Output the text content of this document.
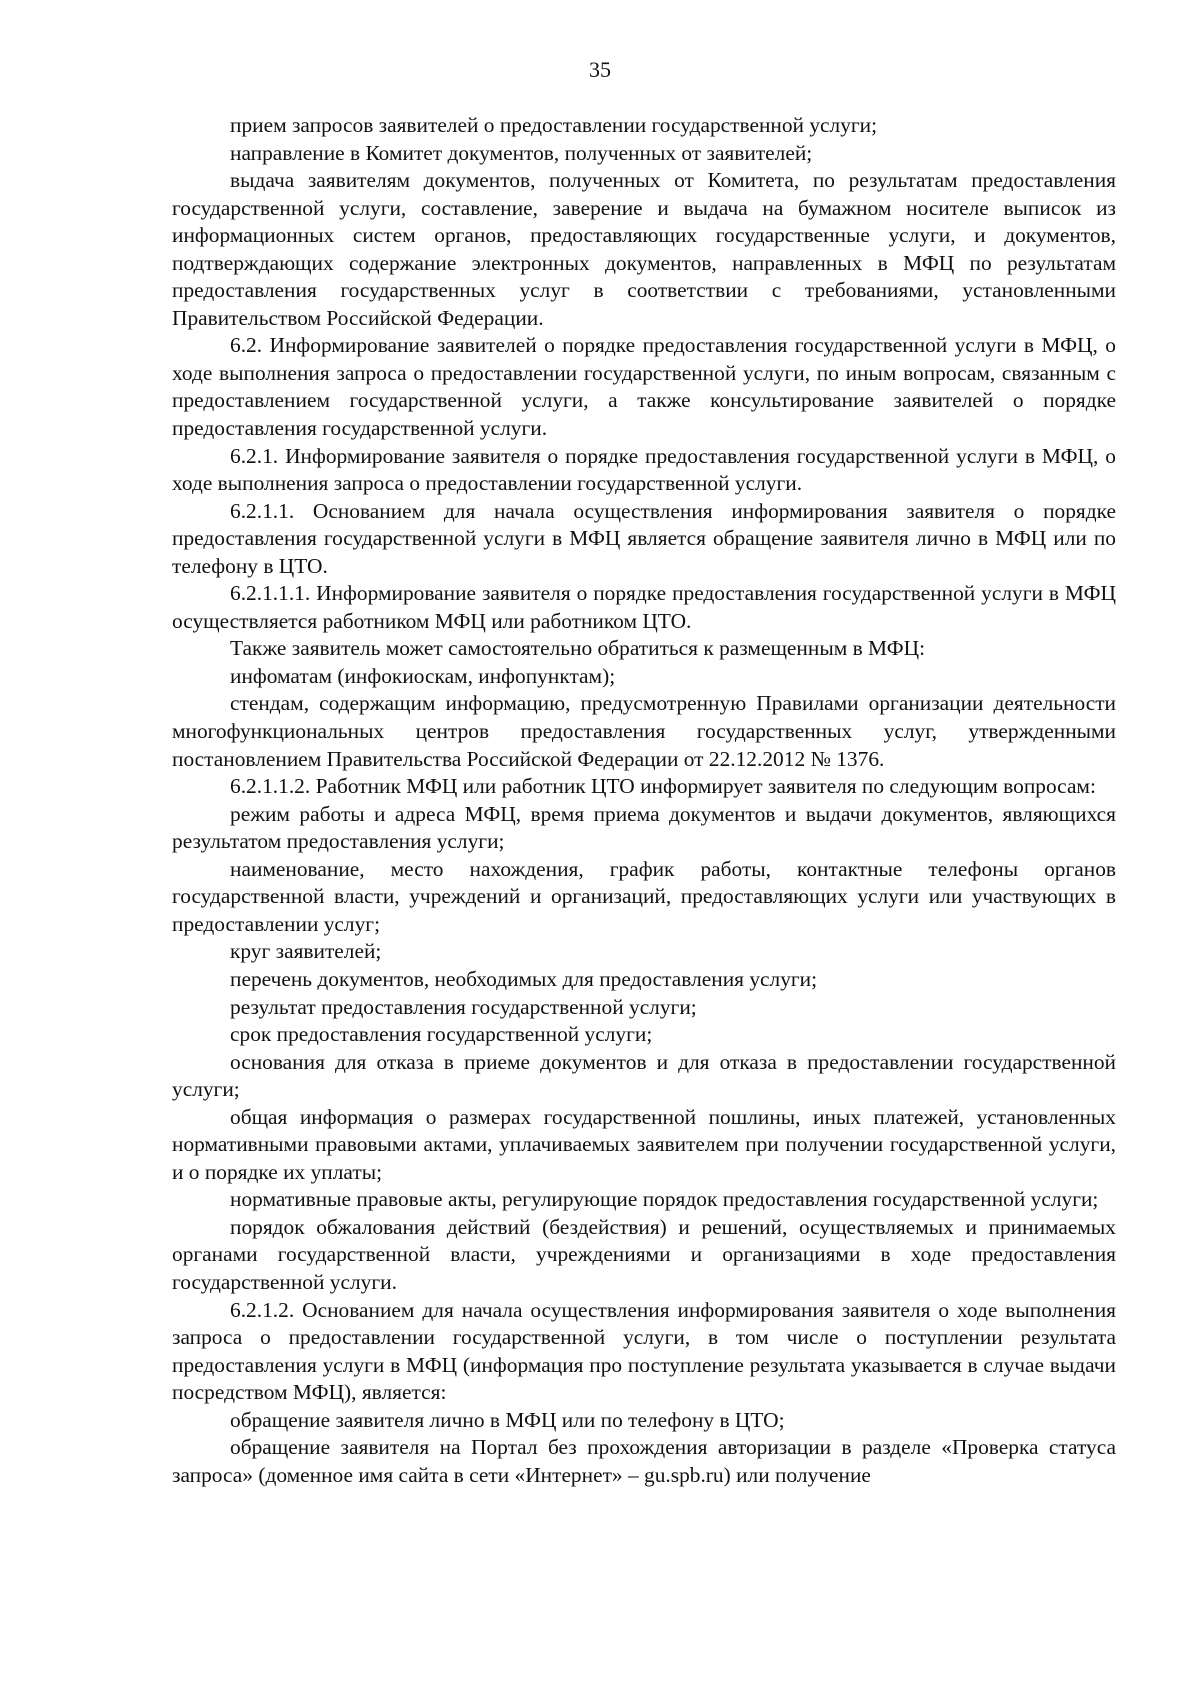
35

прием запросов заявителей о предоставлении государственной услуги;

направление в Комитет документов, полученных от заявителей;

выдача заявителям документов, полученных от Комитета, по результатам предоставления государственной услуги, составление, заверение и выдача на бумажном носителе выписок из информационных систем органов, предоставляющих государственные услуги, и документов, подтверждающих содержание электронных документов, направленных в МФЦ по результатам предоставления государственных услуг в соответствии с требованиями, установленными Правительством Российской Федерации.

6.2. Информирование заявителей о порядке предоставления государственной услуги в МФЦ, о ходе выполнения запроса о предоставлении государственной услуги, по иным вопросам, связанным с предоставлением государственной услуги, а также консультирование заявителей о порядке предоставления государственной услуги.

6.2.1. Информирование заявителя о порядке предоставления государственной услуги в МФЦ, о ходе выполнения запроса о предоставлении государственной услуги.

6.2.1.1. Основанием для начала осуществления информирования заявителя о порядке предоставления государственной услуги в МФЦ является обращение заявителя лично в МФЦ или по телефону в ЦТО.

6.2.1.1.1. Информирование заявителя о порядке предоставления государственной услуги в МФЦ осуществляется работником МФЦ или работником ЦТО.

Также заявитель может самостоятельно обратиться к размещенным в МФЦ:

инфоматам (инфокиоскам, инфопунктам);

стендам, содержащим информацию, предусмотренную Правилами организации деятельности многофункциональных центров предоставления государственных услуг, утвержденными постановлением Правительства Российской Федерации от 22.12.2012 № 1376.

6.2.1.1.2. Работник МФЦ или работник ЦТО информирует заявителя по следующим вопросам:

режим работы и адреса МФЦ, время приема документов и выдачи документов, являющихся результатом предоставления услуги;

наименование, место нахождения, график работы, контактные телефоны органов государственной власти, учреждений и организаций, предоставляющих услуги или участвующих в предоставлении услуг;

круг заявителей;

перечень документов, необходимых для предоставления услуги;

результат предоставления государственной услуги;

срок предоставления государственной услуги;

основания для отказа в приеме документов и для отказа в предоставлении государственной услуги;

общая информация о размерах государственной пошлины, иных платежей, установленных нормативными правовыми актами, уплачиваемых заявителем при получении государственной услуги, и о порядке их уплаты;

нормативные правовые акты, регулирующие порядок предоставления государственной услуги;

порядок обжалования действий (бездействия) и решений, осуществляемых и принимаемых органами государственной власти, учреждениями и организациями в ходе предоставления государственной услуги.

6.2.1.2. Основанием для начала осуществления информирования заявителя о ходе выполнения запроса о предоставлении государственной услуги, в том числе о поступлении результата предоставления услуги в МФЦ (информация про поступление результата указывается в случае выдачи посредством МФЦ), является:

обращение заявителя лично в МФЦ или по телефону в ЦТО;

обращение заявителя на Портал без прохождения авторизации в разделе «Проверка статуса запроса» (доменное имя сайта в сети «Интернет» – gu.spb.ru) или получение
